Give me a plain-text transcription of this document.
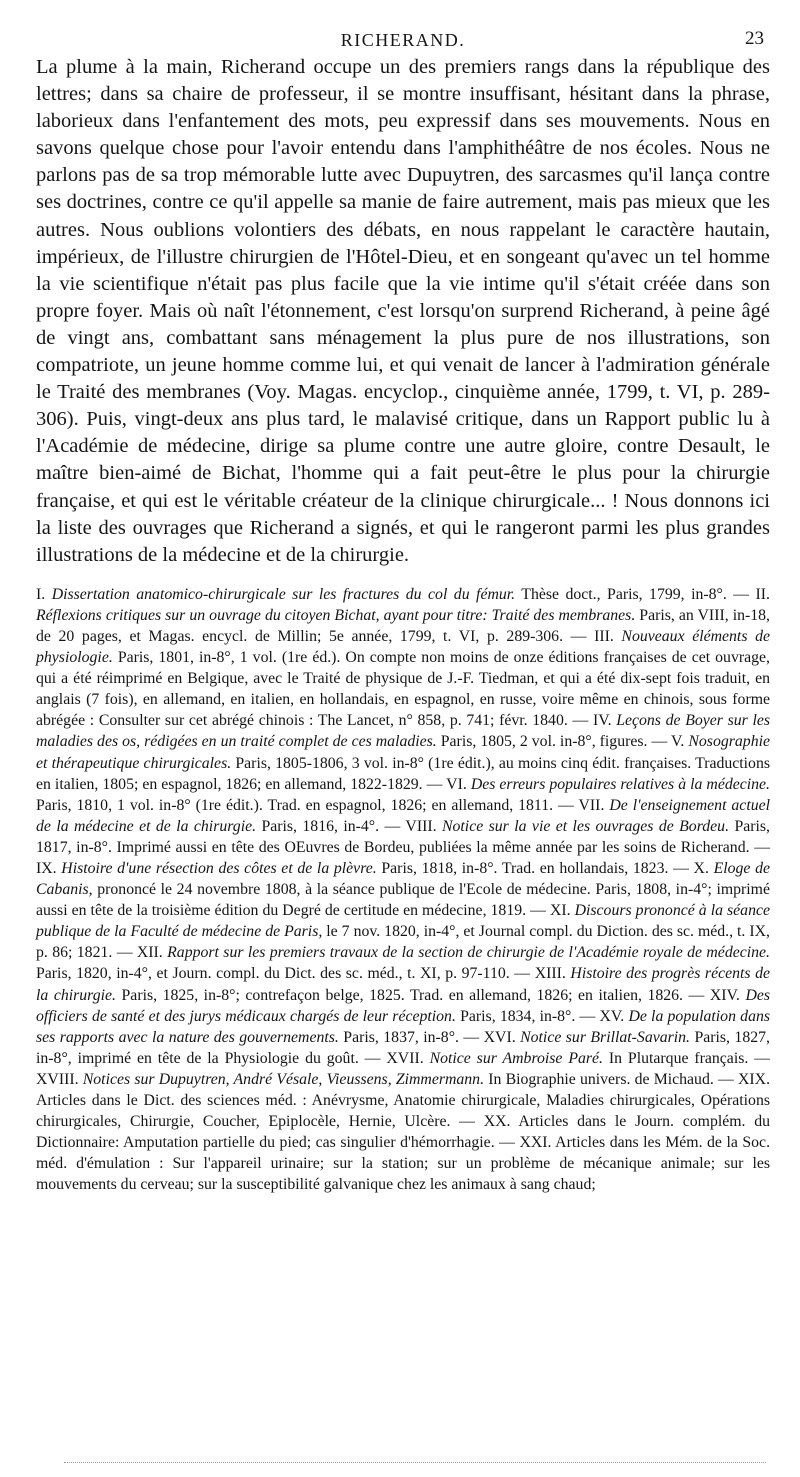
RICHERAND.	23

La plume à la main, Richerand occupe un des premiers rangs dans la république des lettres; dans sa chaire de professeur, il se montre insuffisant, hésitant dans la phrase, laborieux dans l'enfantement des mots, peu expressif dans ses mouvements. Nous en savons quelque chose pour l'avoir entendu dans l'amphithéâtre de nos écoles. Nous ne parlons pas de sa trop mémorable lutte avec Dupuytren, des sarcasmes qu'il lança contre ses doctrines, contre ce qu'il appelle sa manie de faire autrement, mais pas mieux que les autres. Nous oublions volontiers des débats, en nous rappelant le caractère hautain, impérieux, de l'illustre chirurgien de l'Hôtel-Dieu, et en songeant qu'avec un tel homme la vie scientifique n'était pas plus facile que la vie intime qu'il s'était créée dans son propre foyer. Mais où naît l'étonnement, c'est lorsqu'on surprend Richerand, à peine âgé de vingt ans, combattant sans ménagement la plus pure de nos illustrations, son compatriote, un jeune homme comme lui, et qui venait de lancer à l'admiration générale le Traité des membranes (Voy. Magas. encyclop., cinquième année, 1799, t. VI, p. 289-306). Puis, vingt-deux ans plus tard, le malavisé critique, dans un Rapport public lu à l'Académie de médecine, dirige sa plume contre une autre gloire, contre Desault, le maître bien-aimé de Bichat, l'homme qui a fait peut-être le plus pour la chirurgie française, et qui est le véritable créateur de la clinique chirurgicale... ! Nous donnons ici la liste des ouvrages que Richerand a signés, et qui le rangeront parmi les plus grandes illustrations de la médecine et de la chirurgie.

I. Dissertation anatomico-chirurgicale sur les fractures du col du fémur. Thèse doct., Paris, 1799, in-8°. — II. Réflexions critiques sur un ouvrage du citoyen Bichat, ayant pour titre: Traité des membranes. Paris, an VIII, in-18, de 20 pages, et Magas. encycl. de Millin; 5e année, 1799, t. VI, p. 289-306. — III. Nouveaux éléments de physiologie. Paris, 1801, in-8°, 1 vol. (1re éd.). On compte non moins de onze éditions françaises de cet ouvrage, qui a été réimprimé en Belgique, avec le Traité de physique de J.-F. Tiedman, et qui a été dix-sept fois traduit, en anglais (7 fois), en allemand, en italien, en hollandais, en espagnol, en russe, voire même en chinois, sous forme abrégée : Consulter sur cet abrégé chinois : The Lancet, n° 858, p. 741; févr. 1840. — IV. Leçons de Boyer sur les maladies des os, rédigées en un traité complet de ces maladies. Paris, 1805, 2 vol. in-8°, figures. — V. Nosographie et thérapeutique chirurgicales. Paris, 1805-1806, 3 vol. in-8° (1re édit.), au moins cinq édit. françaises. Traductions en italien, 1805; en espagnol, 1826; en allemand, 1822-1829. — VI. Des erreurs populaires relatives à la médecine. Paris, 1810, 1 vol. in-8° (1re édit.). Trad. en espagnol, 1826; en allemand, 1811. — VII. De l'enseignement actuel de la médecine et de la chirurgie. Paris, 1816, in-4°. — VIII. Notice sur la vie et les ouvrages de Bordeu. Paris, 1817, in-8°. Imprimé aussi en tête des OEuvres de Bordeu, publiées la même année par les soins de Richerand. — IX. Histoire d'une résection des côtes et de la plèvre. Paris, 1818, in-8°. Trad. en hollandais, 1823. — X. Eloge de Cabanis, prononcé le 24 novembre 1808, à la séance publique de l'Ecole de médecine. Paris, 1808, in-4°; imprimé aussi en tête de la troisième édition du Degré de certitude en médecine, 1819. — XI. Discours prononcé à la séance publique de la Faculté de médecine de Paris, le 7 nov. 1820, in-4°, et Journal compl. du Diction. des sc. méd., t. IX, p. 86; 1821. — XII. Rapport sur les premiers travaux de la section de chirurgie de l'Académie royale de médecine. Paris, 1820, in-4°, et Journ. compl. du Dict. des sc. méd., t. XI, p. 97-110. — XIII. Histoire des progrès récents de la chirurgie. Paris, 1825, in-8°; contrefaçon belge, 1825. Trad. en allemand, 1826; en italien, 1826. — XIV. Des officiers de santé et des jurys médicaux chargés de leur réception. Paris, 1834, in-8°. — XV. De la population dans ses rapports avec la nature des gouvernements. Paris, 1837, in-8°. — XVI. Notice sur Brillat-Savarin. Paris, 1827, in-8°, imprimé en tête de la Physiologie du goût. — XVII. Notice sur Ambroise Paré. In Plutarque français. — XVIII. Notices sur Dupuytren, André Vésale, Vieussens, Zimmermann. In Biographie univers. de Michaud. — XIX. Articles dans le Dict. des sciences méd. : Anévrysme, Anatomie chirurgicale, Maladies chirurgicales, Opérations chirurgicales, Chirurgie, Coucher, Epiplocèle, Hernie, Ulcère. — XX. Articles dans le Journ. complém. du Dictionnaire: Amputation partielle du pied; cas singulier d'hémorrhagie. — XXI. Articles dans les Mém. de la Soc. méd. d'émulation : Sur l'appareil urinaire; sur la station; sur un problème de mécanique animale; sur les mouvements du cerveau; sur la susceptibilité galvanique chez les animaux à sang chaud;
